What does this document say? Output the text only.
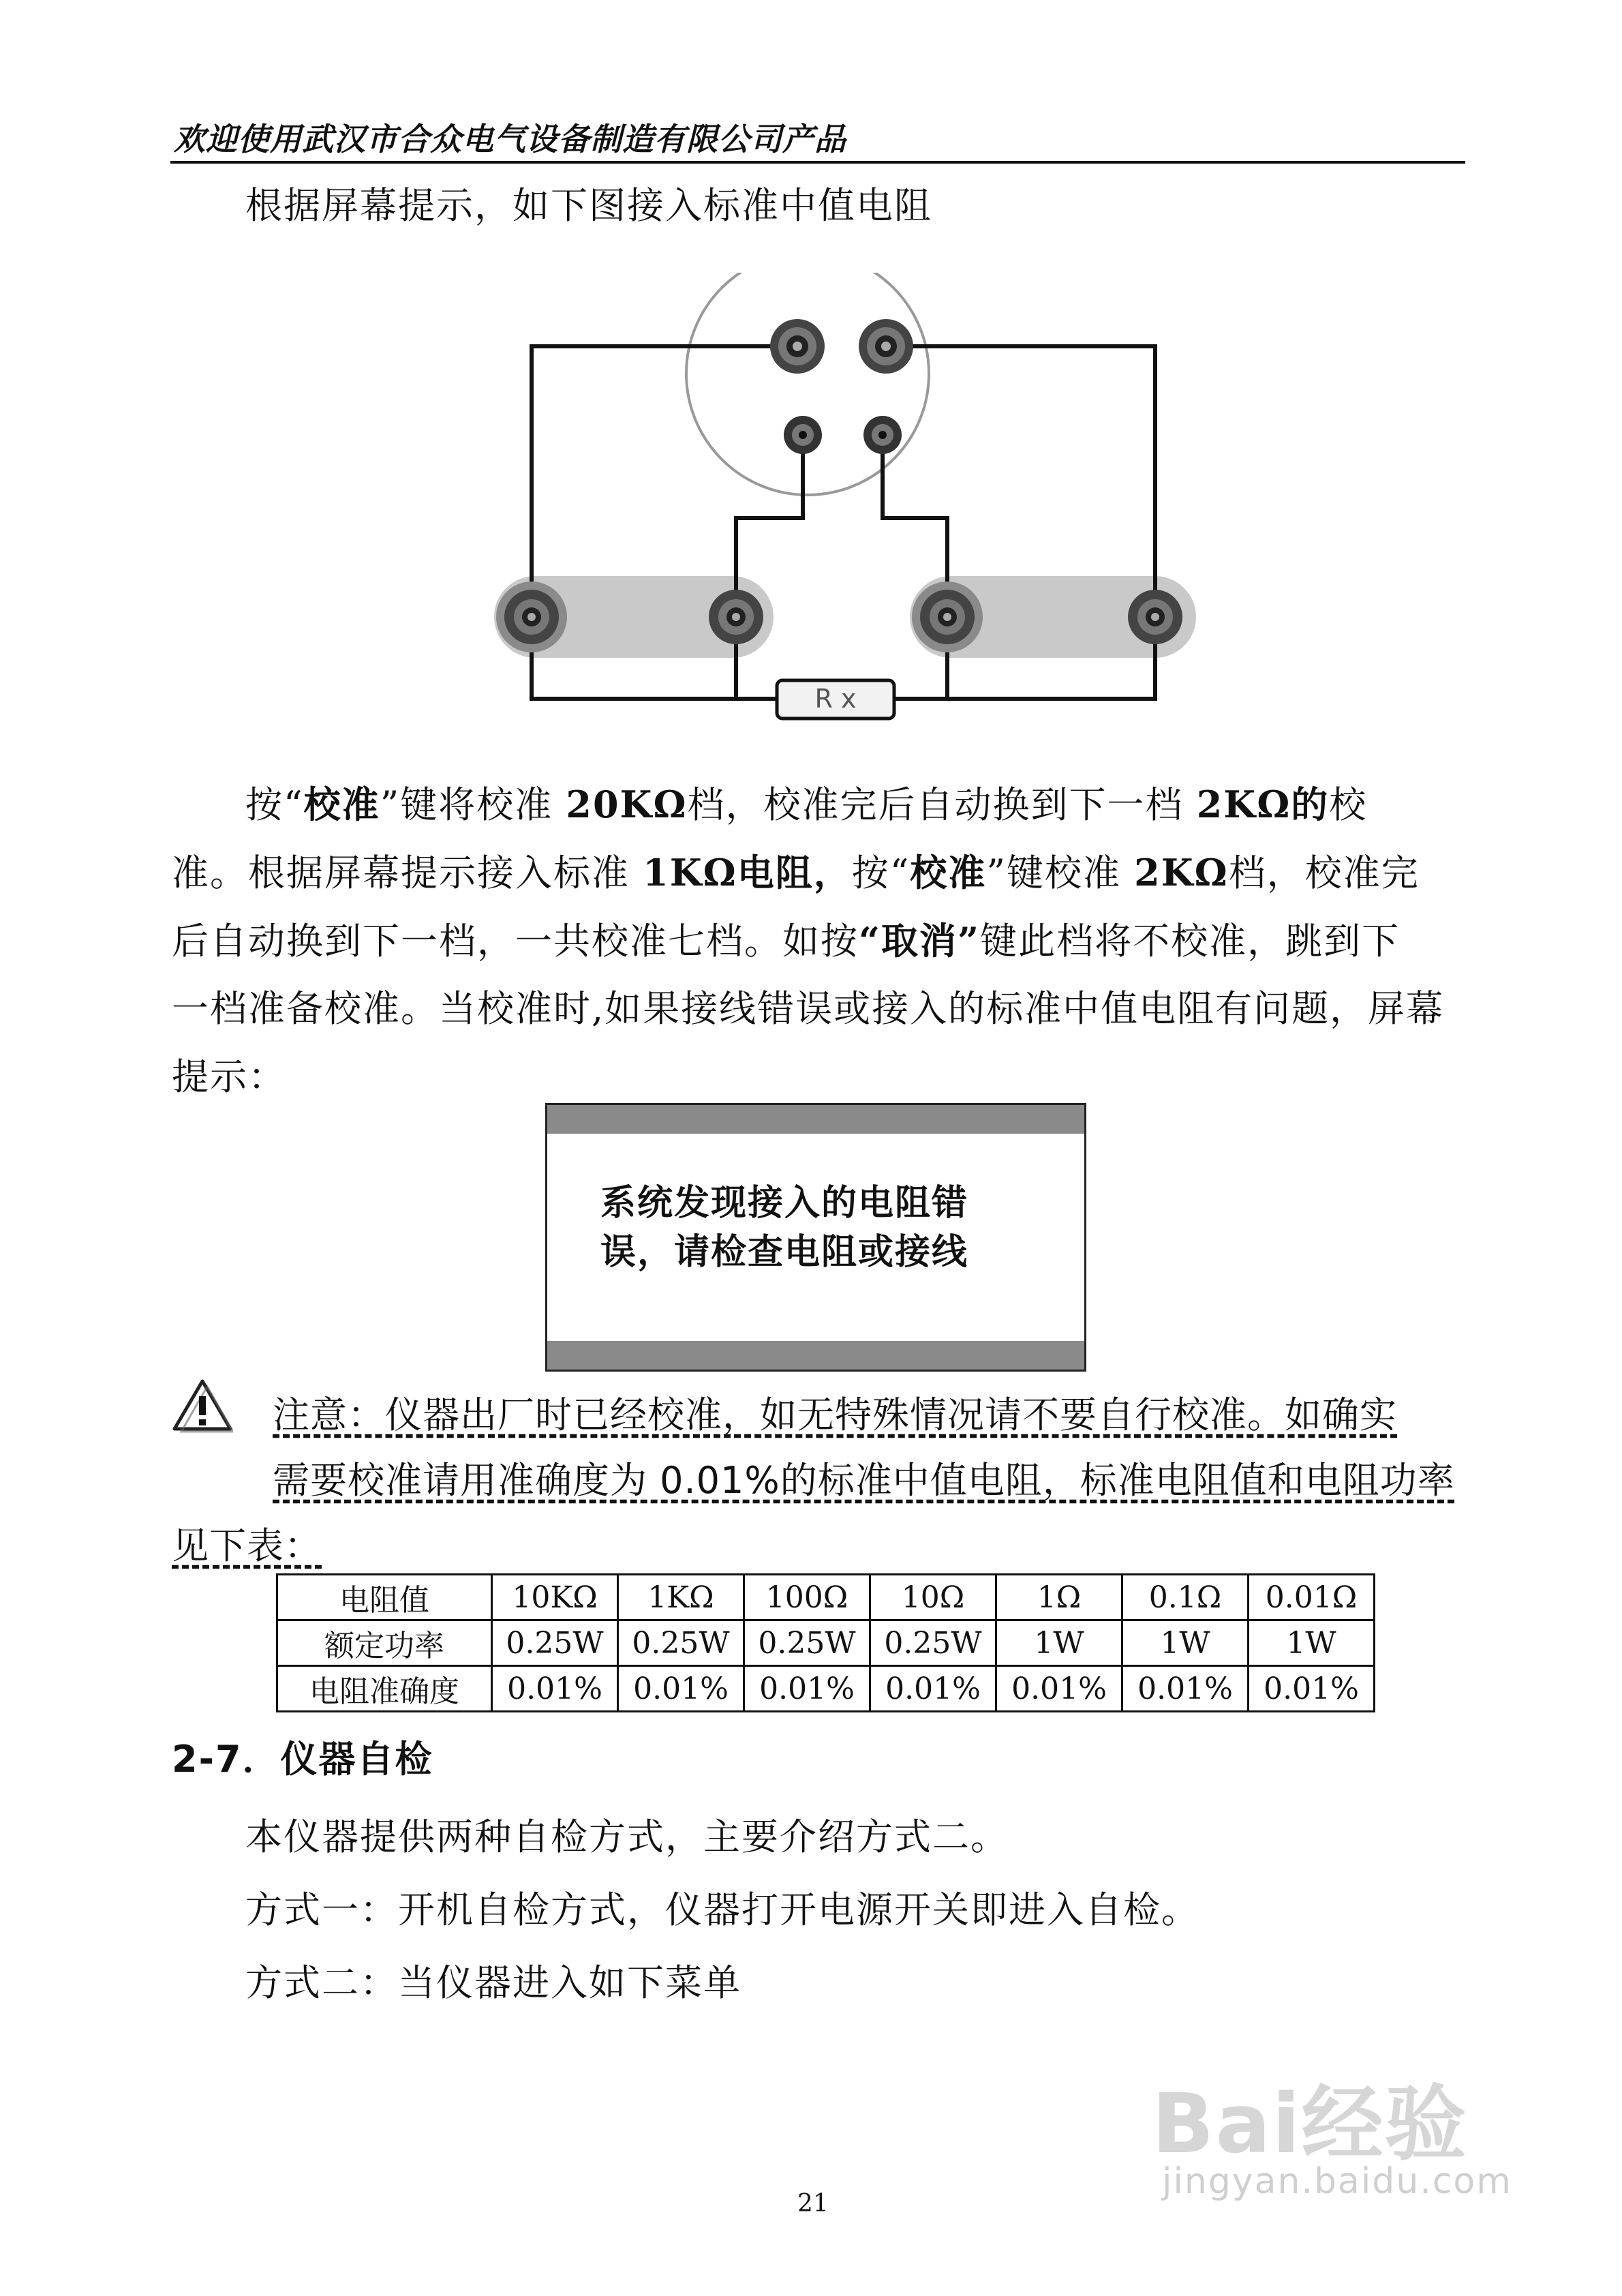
欢迎使用武汉市合众电气设备制造有限公司产品
根据屏幕提示，如下图接入标准中值电阻
R x
按“校准”键将校准 20KΩ档，校准完后自动换到下一档 2KΩ的校
准。根据屏幕提示接入标准 1KΩ电阻，按“校准”键校准 2KΩ档，校准完
后自动换到下一档，一共校准七档。如按“取消”键此档将不校准，跳到下
一档准备校准。当校准时,如果接线错误或接入的标准中值电阻有问题，屏幕
提示：
系统发现接入的电阻错
误，请检查电阻或接线
注意：仪器出厂时已经校准，如无特殊情况请不要自行校准。如确实
需要校准请用准确度为 0.01%的标准中值电阻，标准电阻值和电阻功率
见下表：
电阻值	10KΩ	1KΩ	100Ω	10Ω	1Ω	0.1Ω	0.01Ω
额定功率	0.25W	0.25W	0.25W	0.25W	1W	1W	1W
电阻准确度	0.01%	0.01%	0.01%	0.01%	0.01%	0.01%	0.01%
2-7．仪器自检
本仪器提供两种自检方式，主要介绍方式二。
方式一：开机自检方式，仪器打开电源开关即进入自检。
方式二：当仪器进入如下菜单
21
Bai经验
jingyan.baidu.com
